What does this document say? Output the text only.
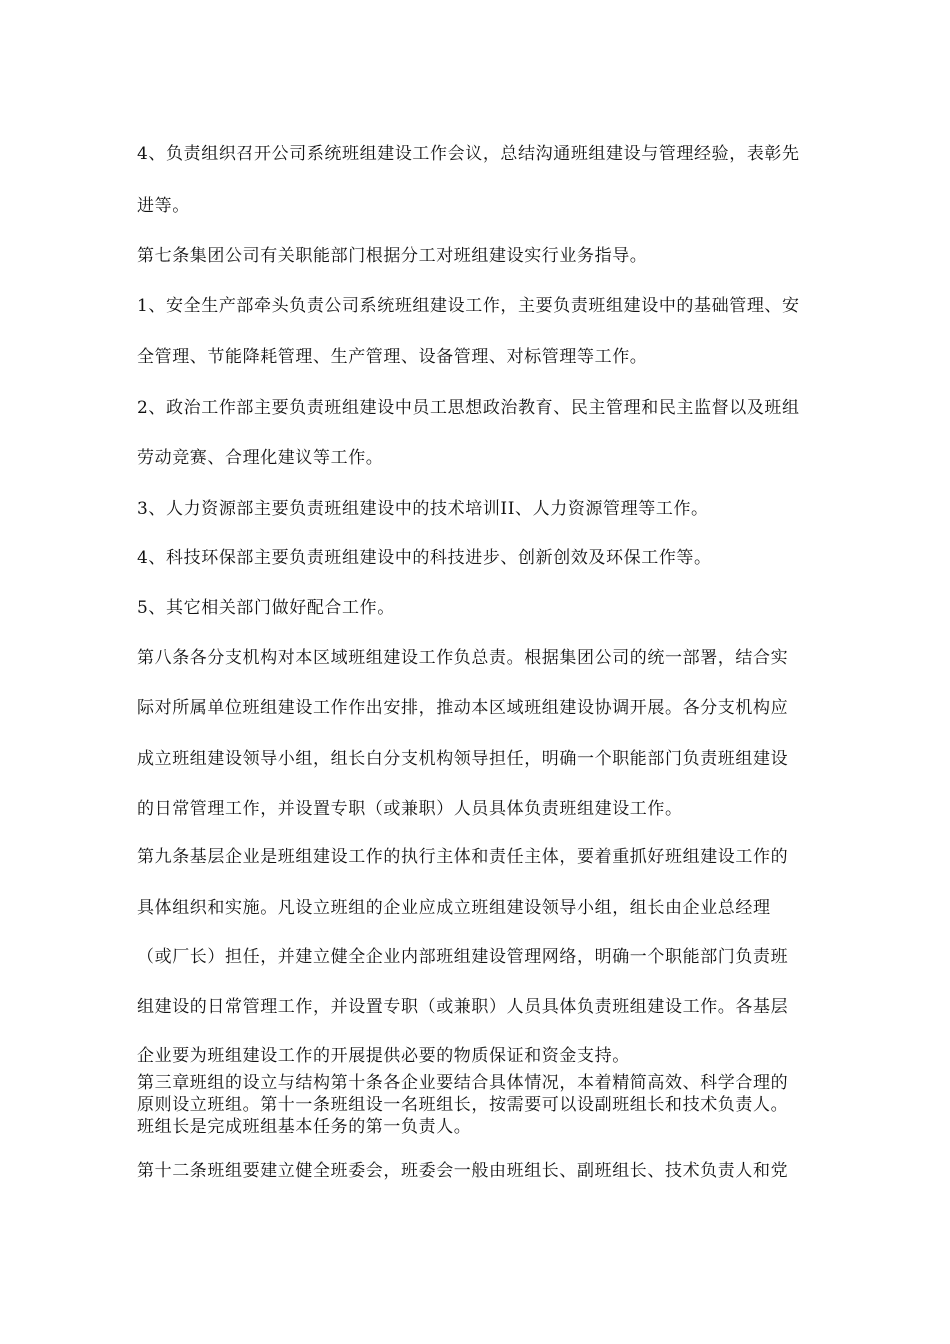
4、负责组织召开公司系统班组建设工作会议，总结沟通班组建设与管理经验，表彰先
进等。
第七条集团公司有关职能部门根据分工对班组建设实行业务指导。
1、安全生产部牵头负责公司系统班组建设工作，主要负责班组建设中的基础管理、安
全管理、节能降耗管理、生产管理、设备管理、对标管理等工作。
2、政治工作部主要负责班组建设中员工思想政治教育、民主管理和民主监督以及班组
劳动竞赛、合理化建议等工作。
3、人力资源部主要负责班组建设中的技术培训II、人力资源管理等工作。
4、科技环保部主要负责班组建设中的科技进步、创新创效及环保工作等。
5、其它相关部门做好配合工作。
第八条各分支机构对本区域班组建设工作负总责。根据集团公司的统一部署，结合实
际对所属单位班组建设工作作出安排，推动本区域班组建设协调开展。各分支机构应
成立班组建设领导小组，组长白分支机构领导担任，明确一个职能部门负责班组建设
的日常管理工作，并设置专职（或兼职）人员具体负责班组建设工作。
第九条基层企业是班组建设工作的执行主体和责任主体，要着重抓好班组建设工作的
具体组织和实施。凡设立班组的企业应成立班组建设领导小组，组长由企业总经理
（或厂长）担任，并建立健全企业内部班组建设管理网络，明确一个职能部门负责班
组建设的日常管理工作，并设置专职（或兼职）人员具体负责班组建设工作。各基层
企业要为班组建设工作的开展提供必要的物质保证和资金支持。
第三章班组的设立与结构第十条各企业要结合具体情况，本着精简高效、科学合理的
原则设立班组。第十一条班组设一名班组长，按需要可以设副班组长和技术负责人。
班组长是完成班组基本任务的第一负责人。
第十二条班组要建立健全班委会，班委会一般由班组长、副班组长、技术负责人和党
